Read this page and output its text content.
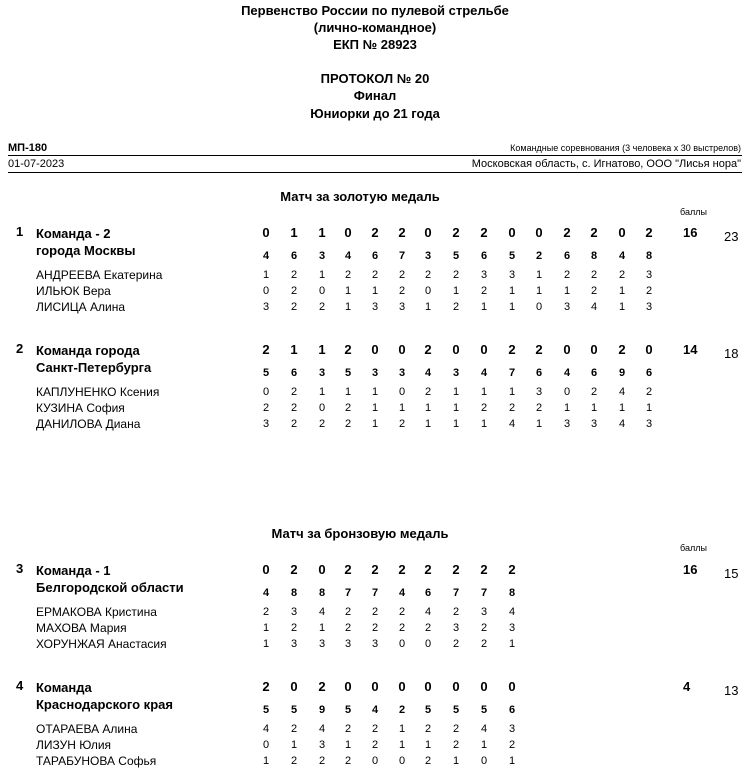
Первенство России по пулевой стрельбе
(лично-командное)
ЕКП № 28923
ПРОТОКОЛ № 20
Финал
Юниорки до 21 года
МП-180	Командные соревнования (3 человека х 30 выстрелов)
01-07-2023	Московская область, с. Игнатово, ООО "Лисья нора"
Матч за золотую медаль
баллы
1 Команда - 2
города Москвы
16 23
0	1	1	0	2	2	0	2	2	0	0	2	2	0	2
4	6	3	4	6	7	3	5	6	5	2	6	8	4	8
АНДРЕЕВА Екатерина	1	2	1	2	2	2	2	2	3	3	1	2	2	2	3
ИЛЬЮК Вера	0	2	0	1	1	2	0	1	2	1	1	1	2	1	2
ЛИСИЦА Алина	3	2	2	1	3	3	1	2	1	1	0	3	4	1	3
2 Команда города
Санкт-Петербурга
14 18
2	1	1	2	0	0	2	0	0	2	2	0	0	2	0
5	6	3	5	3	3	4	3	4	7	6	4	6	9	6
КАПЛУНЕНКО Ксения	0	2	1	1	1	0	2	1	1	1	3	0	2	4	2
КУЗИНА София	2	2	0	2	1	1	1	1	2	2	2	1	1	1	1
ДАНИЛОВА Диана	3	2	2	2	1	2	1	1	1	4	1	3	3	4	3
Матч за бронзовую медаль
баллы
3 Команда - 1
Белгородской области
16 15
0	2	0	2	2	2	2	2	2	2
4	8	8	7	7	4	6	7	7	8
ЕРМАКОВА Кристина	2	3	4	2	2	2	4	2	3	4
МАХОВА Мария	1	2	1	2	2	2	2	3	2	3
ХОРУНЖАЯ Анастасия	1	3	3	3	3	0	0	2	2	1
4 Команда
Краснодарского края
4	13
2	0	2	0	0	0	0	0	0	0
5	5	9	5	4	2	5	5	5	6
ОТАРАЕВА Алина	4	2	4	2	2	1	2	2	4	3
ЛИЗУН Юлия	0	1	3	1	2	1	1	2	1	2
ТАРАБУНОВА Софья	1	2	2	2	0	0	2	1	0	1
